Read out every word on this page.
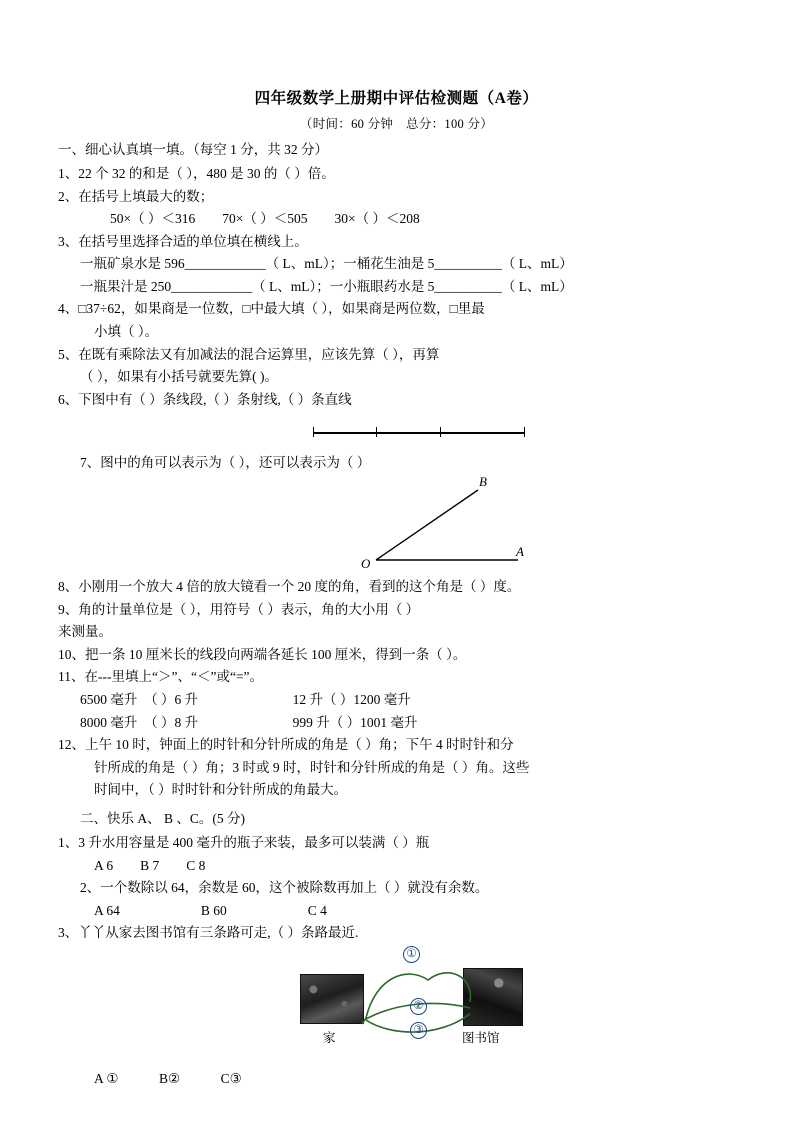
四年级数学上册期中评估检测题（A卷）
（时间：60 分钟　总分：100 分）
一、细心认真填一填。（每空 1 分，共 32 分）
1、22 个 32 的和是（ ），480 是 30 的（ ）倍。
2、在括号上填最大的数；
50×（ ）＜316　　70×（ ）＜505　　30×（ ）＜208
3、在括号里选择合适的单位填在横线上。
一瓶矿泉水是 596____________（ L、mL）；一桶花生油是 5__________（ L、mL）
一瓶果汁是 250____________（ L、mL）；一小瓶眼药水是 5__________（ L、mL）
4、□37÷62，如果商是一位数，□中最大填（ ），如果商是两位数，□里最
小填（ ）。
5、在既有乘除法又有加减法的混合运算里，应该先算（ ），再算
（ ），如果有小括号就要先算( )。
6、下图中有（ ）条线段,（ ）条射线,（ ）条直线
7、图中的角可以表示为（ ），还可以表示为（ ）
B
A
O
8、小刚用一个放大 4 倍的放大镜看一个 20 度的角，看到的这个角是（ ）度。
9、角的计量单位是（ ），用符号（ ）表示，角的大小用（ ）
来测量。
10、把一条 10 厘米长的线段向两端各延长 100 厘米，得到一条（ ）。
11、在---里填上“＞”、“＜”或“=”。
6500 毫升　（ ）6 升　　　　　　　12 升（ ）1200 毫升
8000 毫升　（ ）8 升　　　　　　　999 升（ ）1001 毫升
12、上午 10 时，钟面上的时针和分针所成的角是（ ）角；下午 4 时时针和分
针所成的角是（ ）角；3 时或 9 时，时针和分针所成的角是（ ）角。这些
时间中，（ ）时时针和分针所成的角最大。
二、快乐 A、 B 、C。(5 分)
1、3 升水用容量是 400 毫升的瓶子来装，最多可以装满（ ）瓶
A 6　　B 7　　C 8
2、一个数除以 64，余数是 60，这个被除数再加上（ ）就没有余数。
A 64　　　　　　B 60　　　　　　C 4
3、丫丫从家去图书馆有三条路可走,（ ）条路最近.
①
②
③
家	图书馆
A ①　　　B②　　　C③
